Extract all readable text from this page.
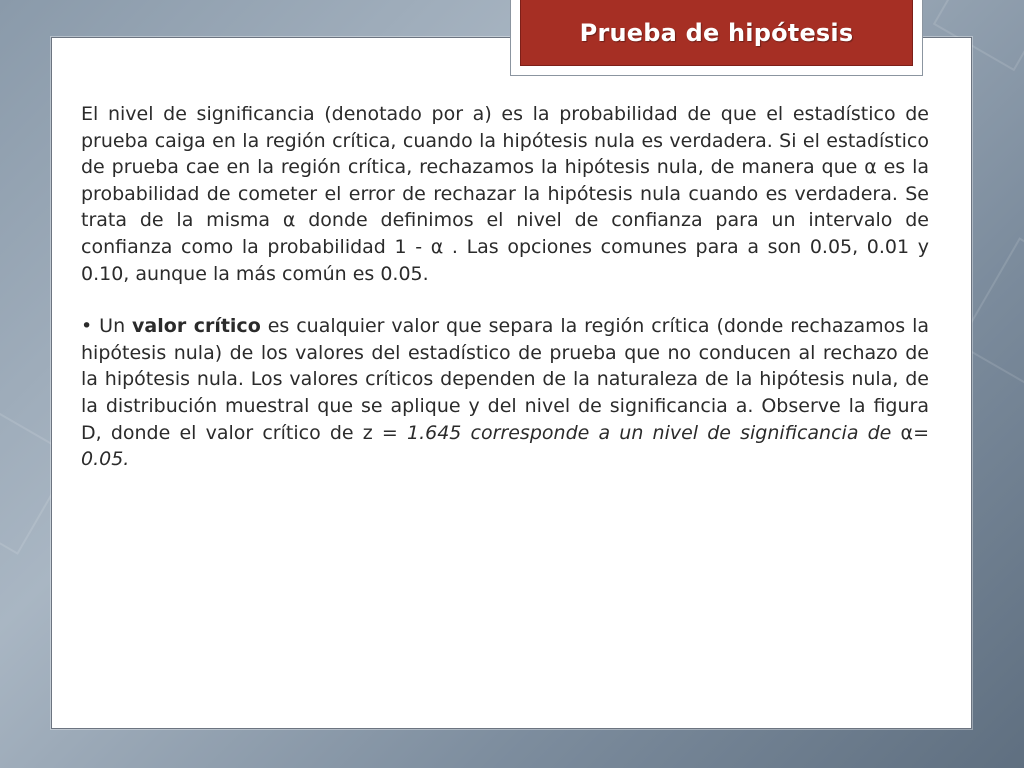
El nivel de significancia (denotado por a) es la probabilidad de que el estadístico de prueba caiga en la región crítica, cuando la hipótesis nula es verdadera. Si el estadístico de prueba cae en la región crítica, rechazamos la hipótesis nula, de manera que α es la probabilidad de cometer el error de rechazar la hipótesis nula cuando es verdadera. Se trata de la misma α donde definimos el nivel de confianza para un intervalo de confianza como la probabilidad 1 - α . Las opciones comunes para a son 0.05, 0.01 y 0.10, aunque la más común es 0.05.

• Un valor crítico es cualquier valor que separa la región crítica (donde rechazamos la hipótesis nula) de los valores del estadístico de prueba que no conducen al rechazo de la hipótesis nula. Los valores críticos dependen de la naturaleza de la hipótesis nula, de la distribución muestral que se aplique y del nivel de significancia a. Observe la figura D, donde el valor crítico de z = 1.645 corresponde a un nivel de significancia de α= 0.05.

Prueba de hipótesis
